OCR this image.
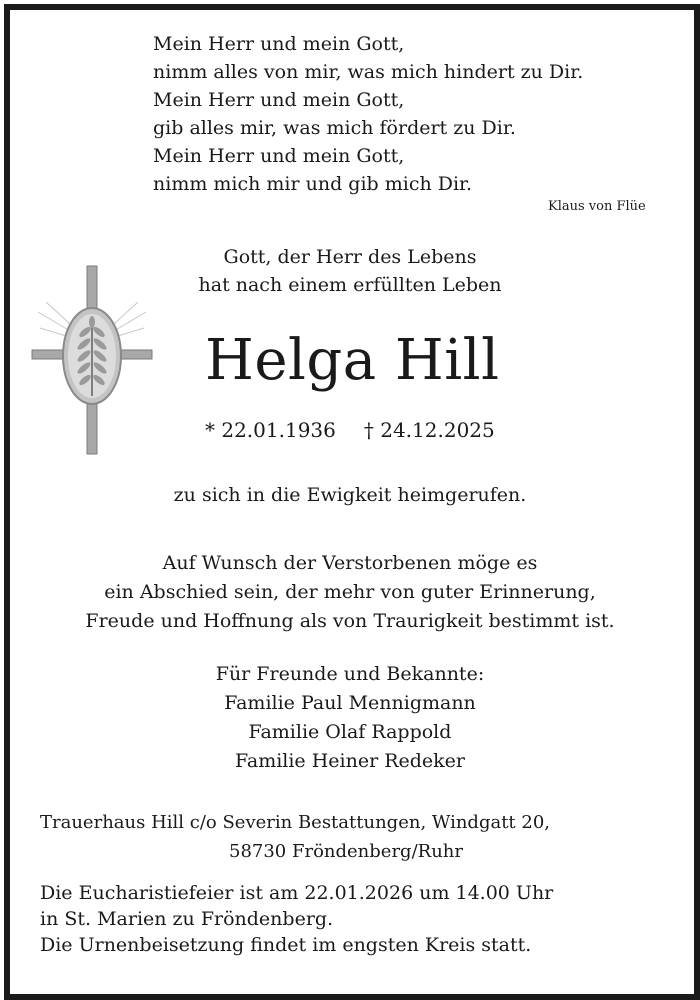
Mein Herr und mein Gott,
nimm alles von mir, was mich hindert zu Dir.
Mein Herr und mein Gott,
gib alles mir, was mich fördert zu Dir.
Mein Herr und mein Gott,
nimm mich mir und gib mich Dir.
Klaus von Flüe
Gott, der Herr des Lebens
hat nach einem erfüllten Leben
Helga Hill
* 22.01.1936 † 24.12.2025
zu sich in die Ewigkeit heimgerufen.
Auf Wunsch der Verstorbenen möge es
ein Abschied sein, der mehr von guter Erinnerung,
Freude und Hoffnung als von Traurigkeit bestimmt ist.
Für Freunde und Bekannte:
Familie Paul Mennigmann
Familie Olaf Rappold
Familie Heiner Redeker
Trauerhaus Hill c/o Severin Bestattungen, Windgatt 20,
58730 Fröndenberg/Ruhr
Die Eucharistiefeier ist am 22.01.2026 um 14.00 Uhr
in St. Marien zu Fröndenberg.
Die Urnenbeisetzung findet im engsten Kreis statt.
